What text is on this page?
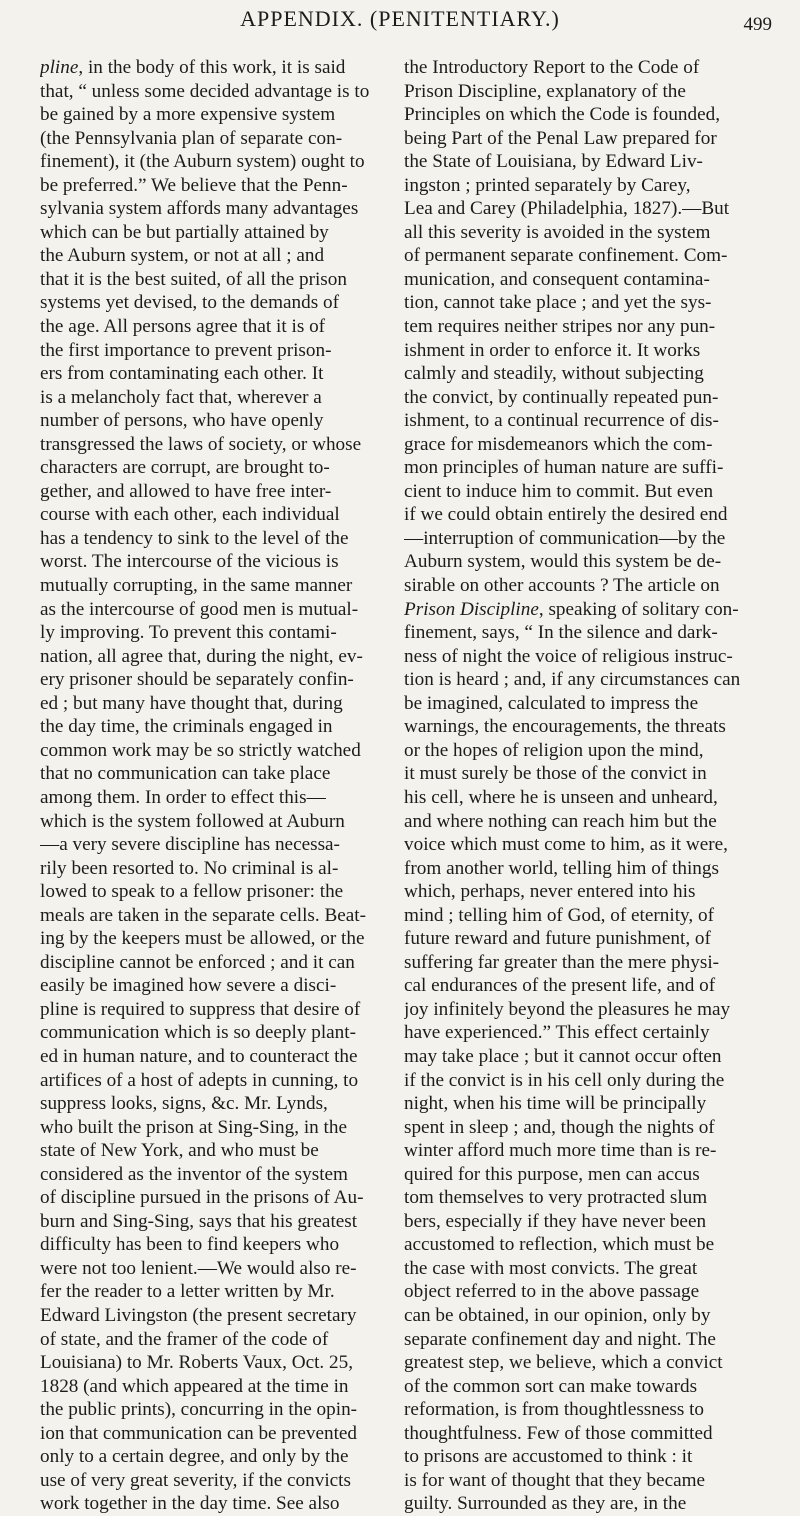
APPENDIX. (PENITENTIARY.)	499
pline, in the body of this work, it is said
that, “ unless some decided advantage is to
be gained by a more expensive system
(the Pennsylvania plan of separate con-
finement), it (the Auburn system) ought to
be preferred.” We believe that the Penn-
sylvania system affords many advantages
which can be but partially attained by
the Auburn system, or not at all ; and
that it is the best suited, of all the prison
systems yet devised, to the demands of
the age. All persons agree that it is of
the first importance to prevent prison-
ers from contaminating each other. It
is a melancholy fact that, wherever a
number of persons, who have openly
transgressed the laws of society, or whose
characters are corrupt, are brought to-
gether, and allowed to have free inter-
course with each other, each individual
has a tendency to sink to the level of the
worst. The intercourse of the vicious is
mutually corrupting, in the same manner
as the intercourse of good men is mutual-
ly improving. To prevent this contami-
nation, all agree that, during the night, ev-
ery prisoner should be separately confin-
ed ; but many have thought that, during
the day time, the criminals engaged in
common work may be so strictly watched
that no communication can take place
among them. In order to effect this—
which is the system followed at Auburn
—a very severe discipline has necessa-
rily been resorted to. No criminal is al-
lowed to speak to a fellow prisoner: the
meals are taken in the separate cells. Beat-
ing by the keepers must be allowed, or the
discipline cannot be enforced ; and it can
easily be imagined how severe a disci-
pline is required to suppress that desire of
communication which is so deeply plant-
ed in human nature, and to counteract the
artifices of a host of adepts in cunning, to
suppress looks, signs, &c. Mr. Lynds,
who built the prison at Sing-Sing, in the
state of New York, and who must be
considered as the inventor of the system
of discipline pursued in the prisons of Au-
burn and Sing-Sing, says that his greatest
difficulty has been to find keepers who
were not too lenient.—We would also re-
fer the reader to a letter written by Mr.
Edward Livingston (the present secretary
of state, and the framer of the code of
Louisiana) to Mr. Roberts Vaux, Oct. 25,
1828 (and which appeared at the time in
the public prints), concurring in the opin-
ion that communication can be prevented
only to a certain degree, and only by the
use of very great severity, if the convicts
work together in the day time. See also
the Introductory Report to the Code of
Prison Discipline, explanatory of the
Principles on which the Code is founded,
being Part of the Penal Law prepared for
the State of Louisiana, by Edward Liv-
ingston ; printed separately by Carey,
Lea and Carey (Philadelphia, 1827).—But
all this severity is avoided in the system
of permanent separate confinement. Com-
munication, and consequent contamina-
tion, cannot take place ; and yet the sys-
tem requires neither stripes nor any pun-
ishment in order to enforce it. It works
calmly and steadily, without subjecting
the convict, by continually repeated pun-
ishment, to a continual recurrence of dis-
grace for misdemeanors which the com-
mon principles of human nature are suffi-
cient to induce him to commit. But even
if we could obtain entirely the desired end
—interruption of communication—by the
Auburn system, would this system be de-
sirable on other accounts ? The article on
Prison Discipline, speaking of solitary con-
finement, says, “ In the silence and dark-
ness of night the voice of religious instruc-
tion is heard ; and, if any circumstances can
be imagined, calculated to impress the
warnings, the encouragements, the threats
or the hopes of religion upon the mind,
it must surely be those of the convict in
his cell, where he is unseen and unheard,
and where nothing can reach him but the
voice which must come to him, as it were,
from another world, telling him of things
which, perhaps, never entered into his
mind ; telling him of God, of eternity, of
future reward and future punishment, of
suffering far greater than the mere physi-
cal endurances of the present life, and of
joy infinitely beyond the pleasures he may
have experienced.” This effect certainly
may take place ; but it cannot occur often
if the convict is in his cell only during the
night, when his time will be principally
spent in sleep ; and, though the nights of
winter afford much more time than is re-
quired for this purpose, men can accus
tom themselves to very protracted slum
bers, especially if they have never been
accustomed to reflection, which must be
the case with most convicts. The great
object referred to in the above passage
can be obtained, in our opinion, only by
separate confinement day and night. The
greatest step, we believe, which a convict
of the common sort can make towards
reformation, is from thoughtlessness to
thoughtfulness. Few of those committed
to prisons are accustomed to think : it
is for want of thought that they became
guilty. Surrounded as they are, in the
